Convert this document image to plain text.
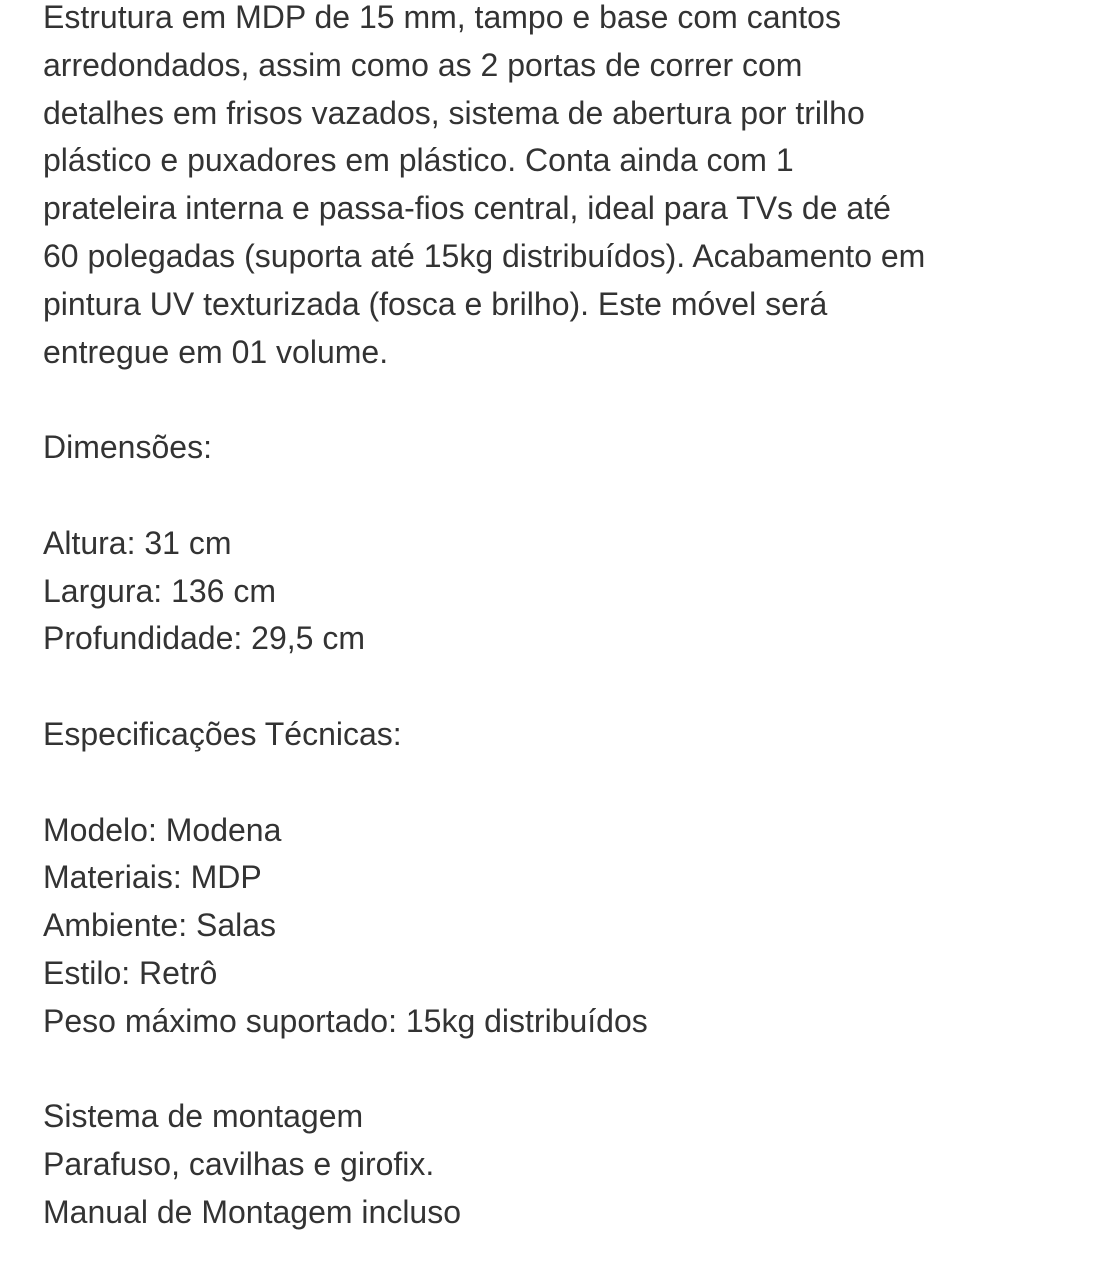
Estrutura em MDP de 15 mm, tampo e base com cantos
arredondados, assim como as 2 portas de correr com
detalhes em frisos vazados, sistema de abertura por trilho
plástico e puxadores em plástico. Conta ainda com 1
prateleira interna e passa-fios central, ideal para TVs de até
60 polegadas (suporta até 15kg distribuídos). Acabamento em
pintura UV texturizada (fosca e brilho). Este móvel será
entregue em 01 volume.
Dimensões:
Altura: 31 cm
Largura: 136 cm
Profundidade: 29,5 cm
Especificações Técnicas:
Modelo: Modena
Materiais: MDP
Ambiente: Salas
Estilo: Retrô
Peso máximo suportado: 15kg distribuídos
Sistema de montagem
Parafuso, cavilhas e girofix.
Manual de Montagem incluso
